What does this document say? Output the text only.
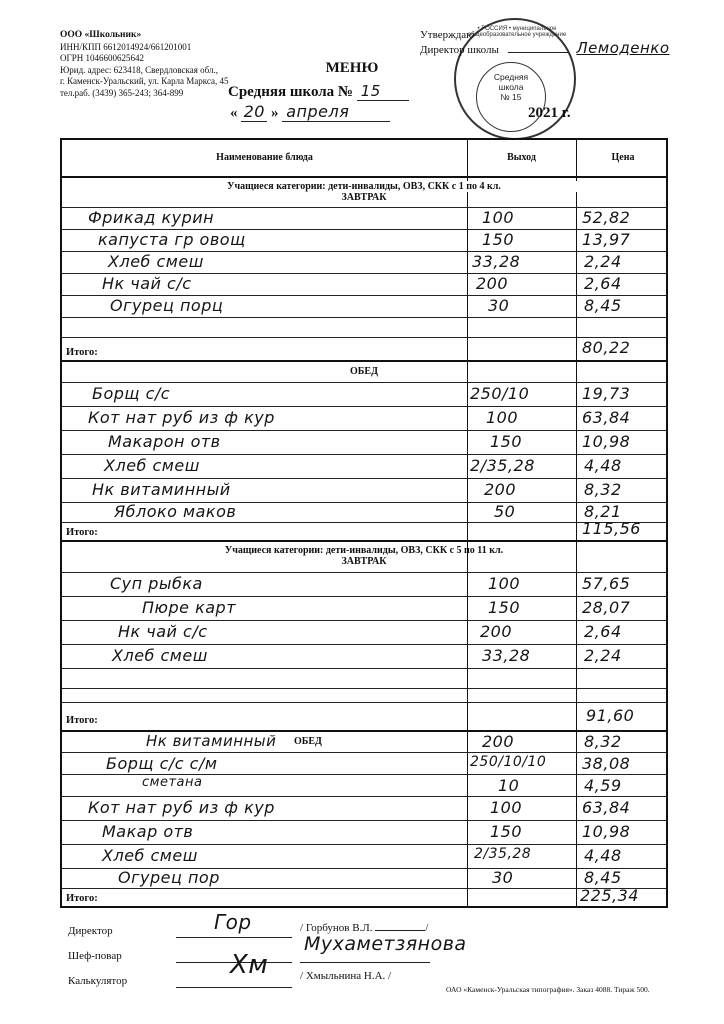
ООО «Школьник»
ИНН/КПП 6612014924/661201001
ОГРН 1046600625642
Юрид. адрес: 623418, Свердловская обл.,
г. Каменск-Уральский, ул. Карла Маркса, 45
тел.раб. (3439) 365-243; 364-899
• РОССИЯ • муниципальное общеобразовательное учреждение
Средняя
школа
№ 15
Утверждаю
Директор школы	Лемоденко
МЕНЮ
Средняя школа № 15
« 20 » апреля	2021 г.
Наименование блюда	Выход	Цена
Учащиеся категории: дети-инвалиды, ОВЗ, СКК с 1 по 4 кл.
ЗАВТРАК
Фрикад курин	100	52,82
капуста гр овощ	150	13,97
Хлеб смеш	33,28	2,24
Нк чай с/с	200	2,64
Огурец порц	30	8,45
Итого:	80,22
ОБЕД
Борщ с/с	250/10	19,73
Кот нат руб из ф кур	100	63,84
Макарон отв	150	10,98
Хлеб смеш	2/35,28	4,48
Нк витаминный	200	8,32
Яблоко маков	50	8,21
Итого:	115,56
Учащиеся категории: дети-инвалиды, ОВЗ, СКК с 5 по 11 кл.
ЗАВТРАК
Суп рыбка	100	57,65
Пюре карт	150	28,07
Нк чай с/с	200	2,64
Хлеб смеш	33,28	2,24
Итого:	91,60
Нк витаминный ОБЕД	200	8,32
Борщ с/с с/м	250/10/10 38,08
сметана	10	4,59
Кот нат руб из ф кур	100	63,84
Макар отв	150	10,98
Хлеб смеш	2/35,28	4,48
Огурец пор	30	8,45
Итого:	225,34
Директор	Гор	/ Горбунов В.Л.	/
Шеф-повар
Мухаметзянова
Калькулятор
Хм	/ Хмыльнина Н.А. /
ОАО «Каменск-Уральская типография». Заказ 4088. Тираж 500.
